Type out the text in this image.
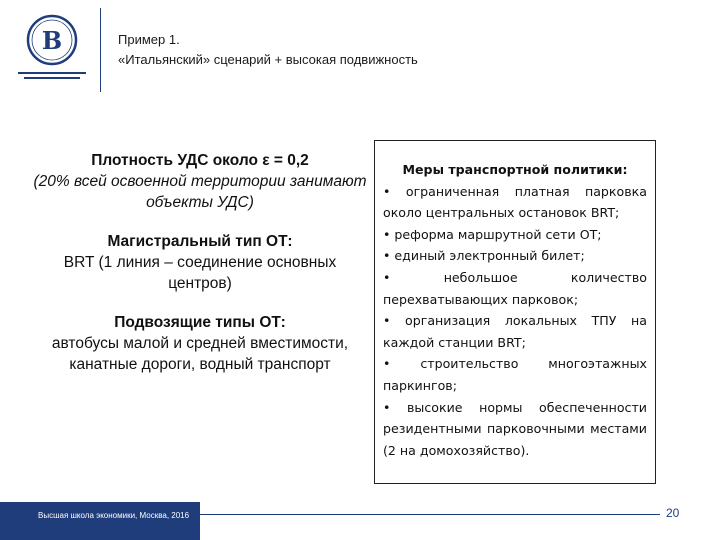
В	Пример 1.
«Итальянский» сценарий + высокая подвижность
Плотность УДС около ε = 0,2
(20% всей освоенной территории занимают объекты УДС)
Магистральный тип ОТ:
BRT (1 линия – соединение основных центров)
Подвозящие типы ОТ:
автобусы малой и средней вместимости, канатные дороги, водный транспорт
Меры транспортной политики:
• ограниченная платная парковка около центральных остановок BRT;
• реформа маршрутной сети ОТ;
• единый электронный билет;
• небольшое количество перехватывающих парковок;
• организация локальных ТПУ на каждой станции BRT;
• строительство многоэтажных паркингов;
• высокие нормы обеспеченности резидентными парковочными местами (2 на домохозяйство).
Высшая школа экономики, Москва, 2016	20
